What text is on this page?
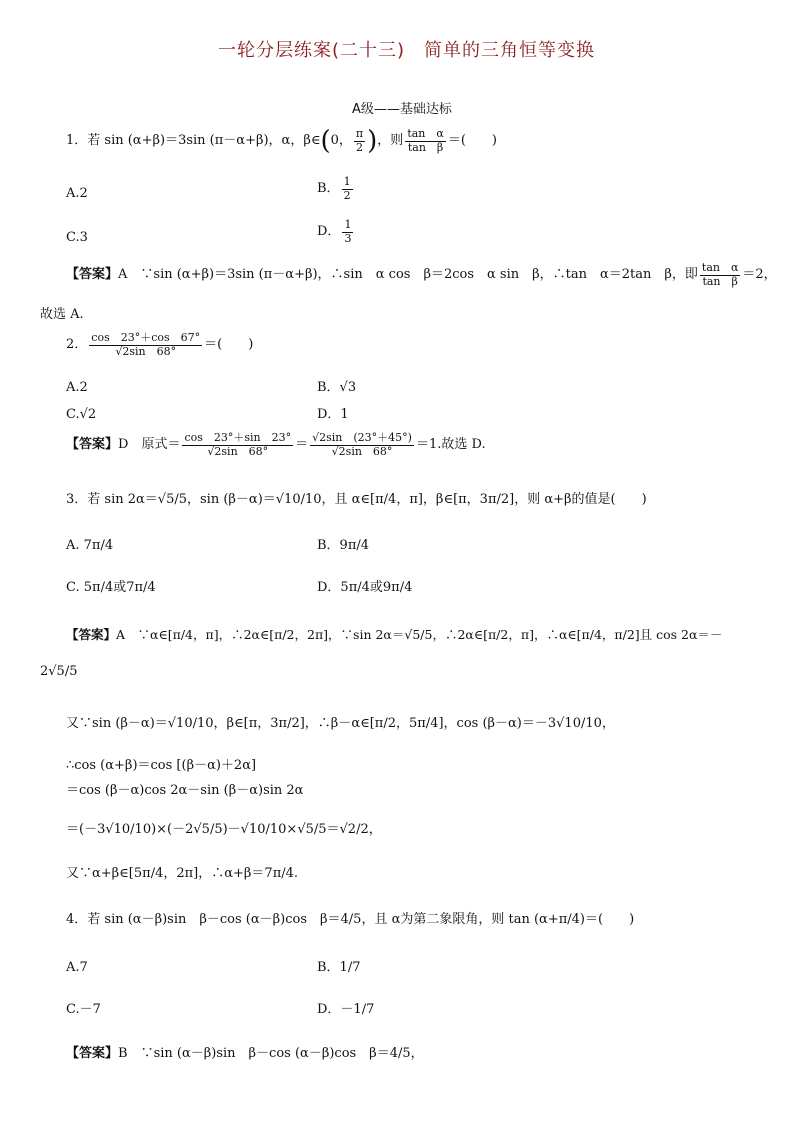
一轮分层练案(二十三)　简单的三角恒等变换
A级——基础达标
1．若 sin (α+β)＝3sin (π－α+β)，α，β∈ ( 0， $\frac{\pi}{2}$ ) ，则 $\frac{\text{tan　α}}{\text{tan　β}}$ ＝(　　)
A.2	B． $\frac{1}{2}$
C.3	D． $\frac{1}{3}$
【答案】 A　∵sin (α+β)＝3sin (π－α+β)，∴sin　α cos　β＝2cos　α sin　β，∴tan　α＝2tan　β，即 $\frac{\text{tan　α}}{\text{tan　β}} =2$，
故选 A.
2． $\frac{\cos 23^\circ+\cos 67^\circ}{√2\sin 68^\circ}$ ＝(　　)
A.2	B．√3
C.√2	D．1
【答案】 D　原式＝ $\frac{\cos 23^\circ+\sin 23^\circ}{√2\sin 68^\circ} = \frac{√2\sin (23^\circ+45^\circ)}{√2\sin 68^\circ} =1$.故选 D.
3．若 sin 2α＝√5/5，sin (β－α)＝√10/10，且 α∈[π/4，π]，β∈[π，3π/2]，则 α+β的值是(　　)
A. 7π/4	B．9π/4
C. 5π/4或7π/4	D．5π/4或9π/4
【答案】A　∵α∈[π/4，π]，∴2α∈[π/2，2π]，∵sin 2α＝√5/5，∴2α∈[π/2，π]，∴α∈[π/4，π/2]且 cos 2α＝－
2√5/5
又∵sin (β－α)＝√10/10，β∈[π，3π/2]，∴β－α∈[π/2，5π/4]，cos (β－α)＝－3√10/10，
∴cos (α+β)＝cos [(β－α)＋2α]
＝cos (β－α)cos 2α－sin (β－α)sin 2α
＝(－3√10/10)×(－2√5/5)－√10/10×√5/5＝√2/2，
又∵α+β∈[5π/4，2π]，∴α+β＝7π/4.
4．若 sin (α－β)sin　β－cos (α－β)cos　β＝4/5，且 α为第二象限角，则 tan (α+π/4)＝(　　)
A.7	B．1/7
C.－7	D．－1/7
【答案】B　∵sin (α－β)sin　β－cos (α－β)cos　β＝4/5，
